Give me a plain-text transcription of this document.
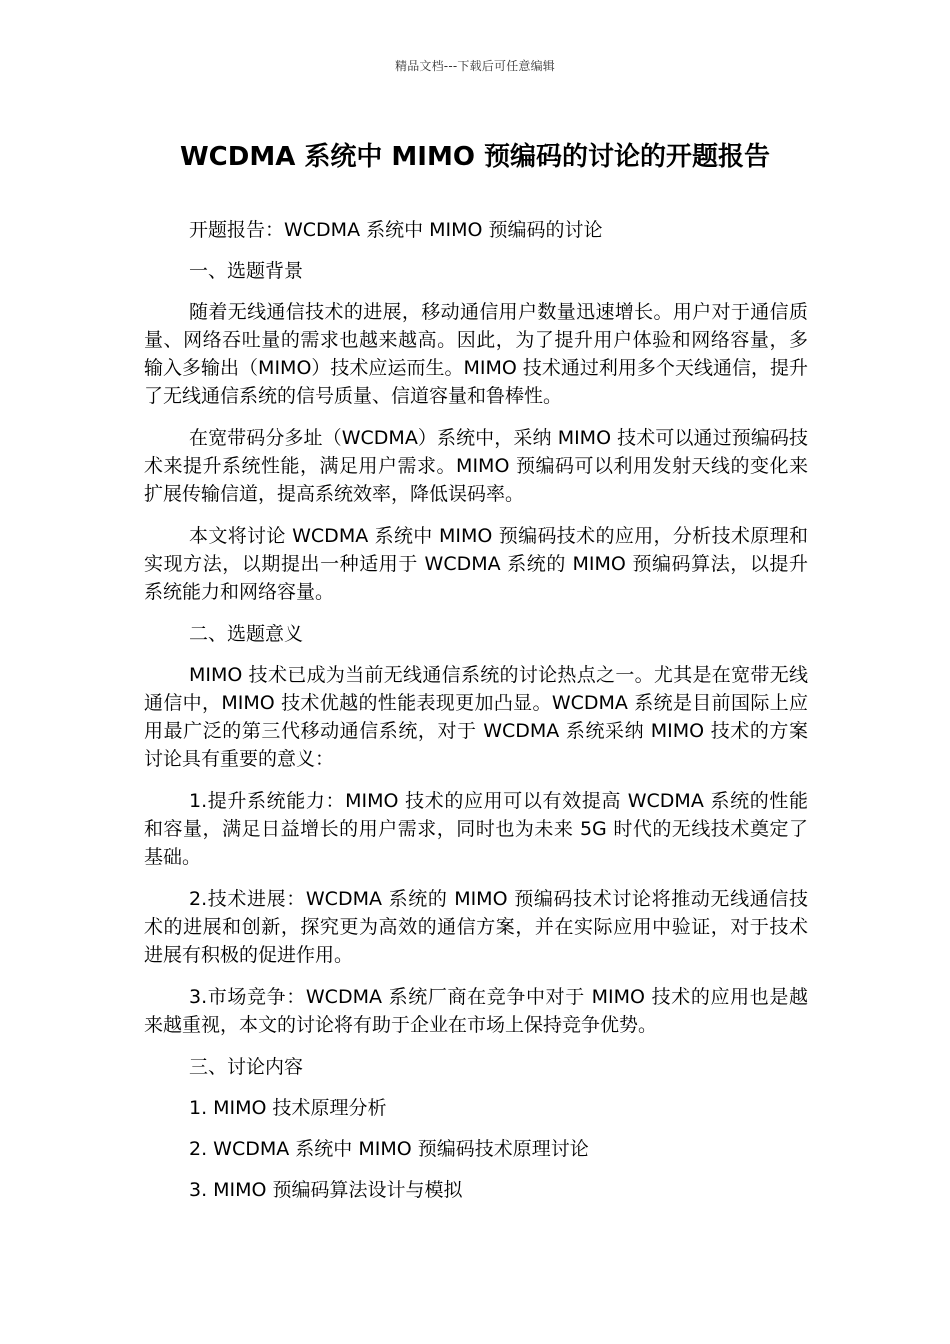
精品文档---下载后可任意编辑
WCDMA 系统中 MIMO 预编码的讨论的开题报告
开题报告：WCDMA 系统中 MIMO 预编码的讨论
一、选题背景

随着无线通信技术的进展，移动通信用户数量迅速增长。用户对于通信质量、网络吞吐量的需求也越来越高。因此，为了提升用户体验和网络容量，多输入多输出（MIMO）技术应运而生。MIMO 技术通过利用多个天线通信，提升了无线通信系统的信号质量、信道容量和鲁棒性。

在宽带码分多址（WCDMA）系统中，采纳 MIMO 技术可以通过预编码技术来提升系统性能，满足用户需求。MIMO 预编码可以利用发射天线的变化来扩展传输信道，提高系统效率，降低误码率。

本文将讨论 WCDMA 系统中 MIMO 预编码技术的应用，分析技术原理和实现方法，以期提出一种适用于 WCDMA 系统的 MIMO 预编码算法，以提升系统能力和网络容量。

二、选题意义

MIMO 技术已成为当前无线通信系统的讨论热点之一。尤其是在宽带无线通信中，MIMO 技术优越的性能表现更加凸显。WCDMA 系统是目前国际上应用最广泛的第三代移动通信系统，对于 WCDMA 系统采纳 MIMO 技术的方案讨论具有重要的意义：

1.提升系统能力：MIMO 技术的应用可以有效提高 WCDMA 系统的性能和容量，满足日益增长的用户需求，同时也为未来 5G 时代的无线技术奠定了基础。

2.技术进展：WCDMA 系统的 MIMO 预编码技术讨论将推动无线通信技术的进展和创新，探究更为高效的通信方案，并在实际应用中验证，对于技术进展有积极的促进作用。

3.市场竞争：WCDMA 系统厂商在竞争中对于 MIMO 技术的应用也是越来越重视，本文的讨论将有助于企业在市场上保持竞争优势。

三、讨论内容
1. MIMO 技术原理分析
2. WCDMA 系统中 MIMO 预编码技术原理讨论
3. MIMO 预编码算法设计与模拟
